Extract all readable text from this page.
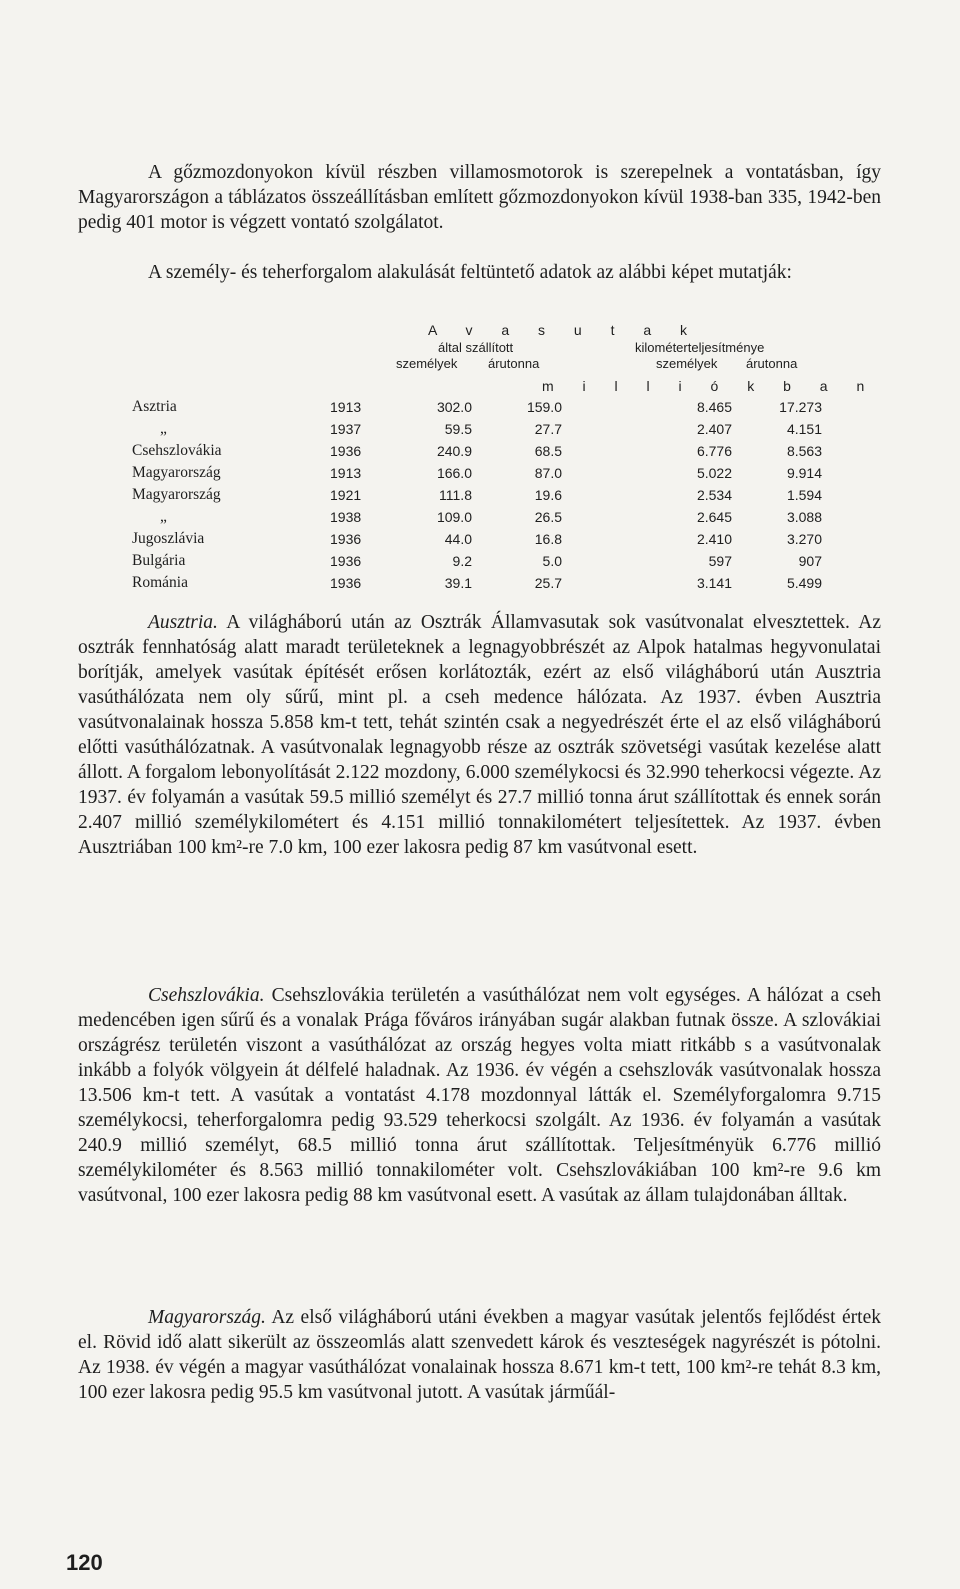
A gőzmozdonyokon kívül részben villamosmotorok is szerepelnek a vontatásban, így Magyarországon a táblázatos összeállításban említett gőzmozdonyokon kívül 1938-ban 335, 1942-ben pedig 401 motor is végzett vontató szolgálatot.

A személy- és teherforgalom alakulását feltüntető adatok az alábbi képet mutatják:

A v a s u t a k
által szállított	kilométerteljesítménye
személyek árutonna	személyek árutonna
m i l l i ó k b a n
Asztria	1913	302.0	159.0	8.465	17.273
„	1937	59.5	27.7	2.407	4.151
Csehszlovákia	1936	240.9	68.5	6.776	8.563
Magyarország	1913	166.0	87.0	5.022	9.914
Magyarország	1921	111.8	19.6	2.534	1.594
„	1938	109.0	26.5	2.645	3.088
Jugoszlávia	1936	44.0	16.8	2.410	3.270
Bulgária	1936	9.2	5.0	597	907
Románia	1936	39.1	25.7	3.141	5.499

Ausztria. A világháború után az Osztrák Államvasutak sok vasútvonalat elvesztettek. Az osztrák fennhatóság alatt maradt területeknek a legnagyobbrészét az Alpok hatalmas hegyvonulatai borítják, amelyek vasútak építését erősen korlátozták, ezért az első világháború után Ausztria vasúthálózata nem oly sűrű, mint pl. a cseh medence hálózata. Az 1937. évben Ausztria vasútvonalainak hossza 5.858 km-t tett, tehát szintén csak a negyedrészét érte el az első világháború előtti vasúthálózatnak. A vasútvonalak legnagyobb része az osztrák szövetségi vasútak kezelése alatt állott. A forgalom lebonyolítását 2.122 mozdony, 6.000 személykocsi és 32.990 teherkocsi végezte. Az 1937. év folyamán a vasútak 59.5 millió személyt és 27.7 millió tonna árut szállítottak és ennek során 2.407 millió személykilométert és 4.151 millió tonnakilométert teljesítettek. Az 1937. évben Ausztriában 100 km²-re 7.0 km, 100 ezer lakosra pedig 87 km vasútvonal esett.

Csehszlovákia. Csehszlovákia területén a vasúthálózat nem volt egységes. A hálózat a cseh medencében igen sűrű és a vonalak Prága főváros irányában sugár alakban futnak össze. A szlovákiai országrész területén viszont a vasúthálózat az ország hegyes volta miatt ritkább s a vasútvonalak inkább a folyók völgyein át délfelé haladnak. Az 1936. év végén a csehszlovák vasútvonalak hossza 13.506 km-t tett. A vasútak a vontatást 4.178 mozdonnyal látták el. Személyforgalomra 9.715 személykocsi, teherforgalomra pedig 93.529 teherkocsi szolgált. Az 1936. év folyamán a vasútak 240.9 millió személyt, 68.5 millió tonna árut szállítottak. Teljesítményük 6.776 millió személykilométer és 8.563 millió tonnakilométer volt. Csehszlovákiában 100 km²-re 9.6 km vasútvonal, 100 ezer lakosra pedig 88 km vasútvonal esett. A vasútak az állam tulajdonában álltak.

Magyarország. Az első világháború utáni években a magyar vasútak jelentős fejlődést értek el. Rövid idő alatt sikerült az összeomlás alatt szenvedett károk és veszteségek nagyrészét is pótolni. Az 1938. év végén a magyar vasúthálózat vonalainak hossza 8.671 km-t tett, 100 km²-re tehát 8.3 km, 100 ezer lakosra pedig 95.5 km vasútvonal jutott. A vasútak járműál-

120
